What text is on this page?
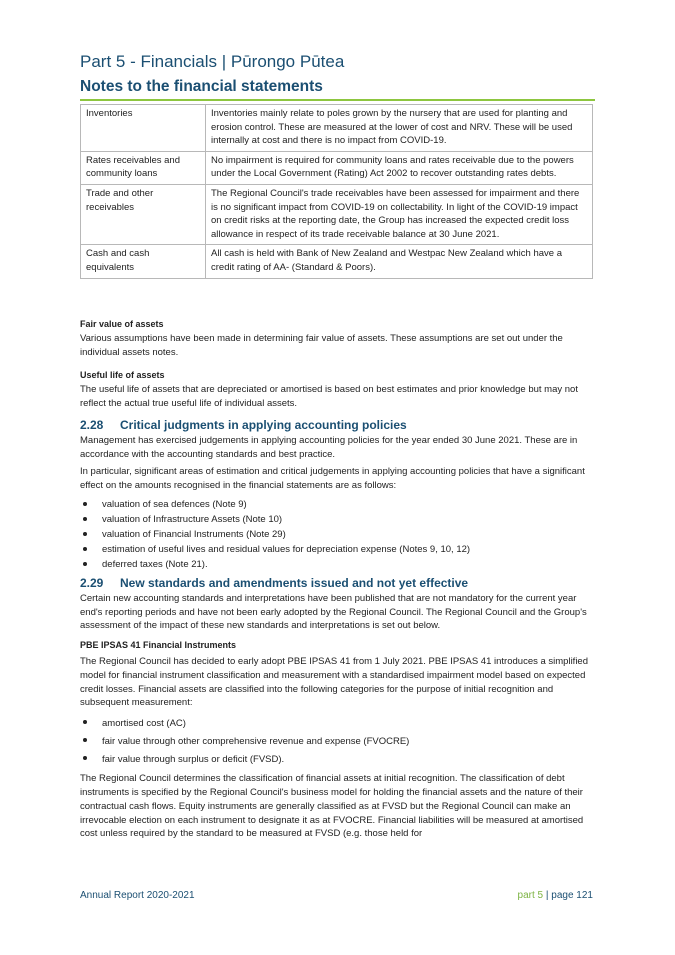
Part 5 - Financials | Pūrongo Pūtea
Notes to the financial statements
Inventories	Inventories mainly relate to poles grown by the nursery that are used for planting and erosion control. These are measured at the lower of cost and NRV. These will be used internally at cost and there is no impact from COVID-19.
Rates receivables and community loans	No impairment is required for community loans and rates receivable due to the powers under the Local Government (Rating) Act 2002 to recover outstanding rates debts.
Trade and other receivables	The Regional Council's trade receivables have been assessed for impairment and there is no significant impact from COVID-19 on collectability. In light of the COVID-19 impact on credit risks at the reporting date, the Group has increased the expected credit loss allowance in respect of its trade receivable balance at 30 June 2021.
Cash and cash equivalents	All cash is held with Bank of New Zealand and Westpac New Zealand which have a credit rating of AA- (Standard & Poors).
Fair value of assets

Various assumptions have been made in determining fair value of assets. These assumptions are set out under the individual assets notes.

Useful life of assets

The useful life of assets that are depreciated or amortised is based on best estimates and prior knowledge but may not reflect the actual true useful life of individual assets.

2.28 Critical judgments in applying accounting policies

Management has exercised judgements in applying accounting policies for the year ended 30 June 2021. These are in accordance with the accounting standards and best practice.

In particular, significant areas of estimation and critical judgements in applying accounting policies that have a significant effect on the amounts recognised in the financial statements are as follows:

valuation of sea defences (Note 9)
valuation of Infrastructure Assets (Note 10)
valuation of Financial Instruments (Note 29)
estimation of useful lives and residual values for depreciation expense (Notes 9, 10, 12)
deferred taxes (Note 21).
2.29 New standards and amendments issued and not yet effective

Certain new accounting standards and interpretations have been published that are not mandatory for the current year end's reporting periods and have not been early adopted by the Regional Council. The Regional Council and the Group's assessment of the impact of these new standards and interpretations is set out below.

PBE IPSAS 41 Financial Instruments

The Regional Council has decided to early adopt PBE IPSAS 41 from 1 July 2021. PBE IPSAS 41 introduces a simplified model for financial instrument classification and measurement with a standardised impairment model based on expected credit losses. Financial assets are classified into the following categories for the purpose of initial recognition and subsequent measurement:

amortised cost (AC)
fair value through other comprehensive revenue and expense (FVOCRE)
fair value through surplus or deficit (FVSD).

The Regional Council determines the classification of financial assets at initial recognition. The classification of debt instruments is specified by the Regional Council's business model for holding the financial assets and the nature of their contractual cash flows. Equity instruments are generally classified as at FVSD but the Regional Council can make an irrevocable election on each instrument to designate it as at FVOCRE. Financial liabilities will be measured at amortised cost unless required by the standard to be measured at FVSD (e.g. those held for

Annual Report 2020-2021	part 5 | page 121
